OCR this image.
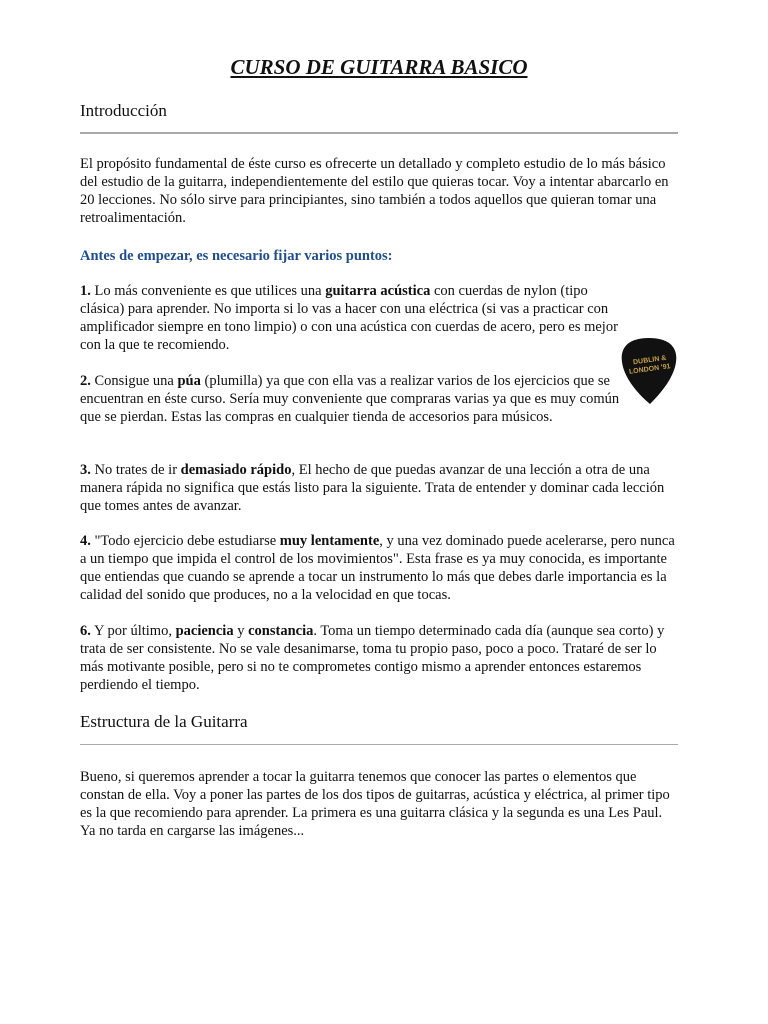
CURSO DE GUITARRA BASICO
Introducción

El propósito fundamental de éste curso es ofrecerte un detallado y completo estudio de lo más básico del estudio de la guitarra, independientemente del estilo que quieras tocar. Voy a intentar abarcarlo en 20 lecciones. No sólo sirve para principiantes, sino también a todos aquellos que quieran tomar una retroalimentación.

Antes de empezar, es necesario fijar varios puntos:

1. Lo más conveniente es que utilices una guitarra acústica con cuerdas de nylon (tipo clásica) para aprender. No importa si lo vas a hacer con una eléctrica (si vas a practicar con amplificador siempre en tono limpio) o con una acústica con cuerdas de acero, pero es mejor con la que te recomiendo.

2. Consigue una púa (plumilla) ya que con ella vas a realizar varios de los ejercicios que se encuentran en éste curso. Sería muy conveniente que compraras varias ya que es muy común que se pierdan. Estas las compras en cualquier tienda de accesorios para músicos.

3. No trates de ir demasiado rápido, El hecho de que puedas avanzar de una lección a otra de una manera rápida no significa que estás listo para la siguiente. Trata de entender y dominar cada lección que tomes antes de avanzar.

4. "Todo ejercicio debe estudiarse muy lentamente, y una vez dominado puede acelerarse, pero nunca a un tiempo que impida el control de los movimientos". Esta frase es ya muy conocida, es importante que entiendas que cuando se aprende a tocar un instrumento lo más que debes darle importancia es la calidad del sonido que produces, no a la velocidad en que tocas.

6. Y por último, paciencia y constancia. Toma un tiempo determinado cada día (aunque sea corto) y trata de ser consistente. No se vale desanimarse, toma tu propio paso, poco a poco. Trataré de ser lo más motivante posible, pero si no te comprometes contigo mismo a aprender entonces estaremos perdiendo el tiempo.

Estructura de la Guitarra

Bueno, si queremos aprender a tocar la guitarra tenemos que conocer las partes o elementos que constan de ella. Voy a poner las partes de los dos tipos de guitarras, acústica y eléctrica, al primer tipo es la que recomiendo para aprender. La primera es una guitarra clásica y la segunda es una Les Paul. Ya no tarda en cargarse las imágenes...

DUBLIN &
LONDON '91
